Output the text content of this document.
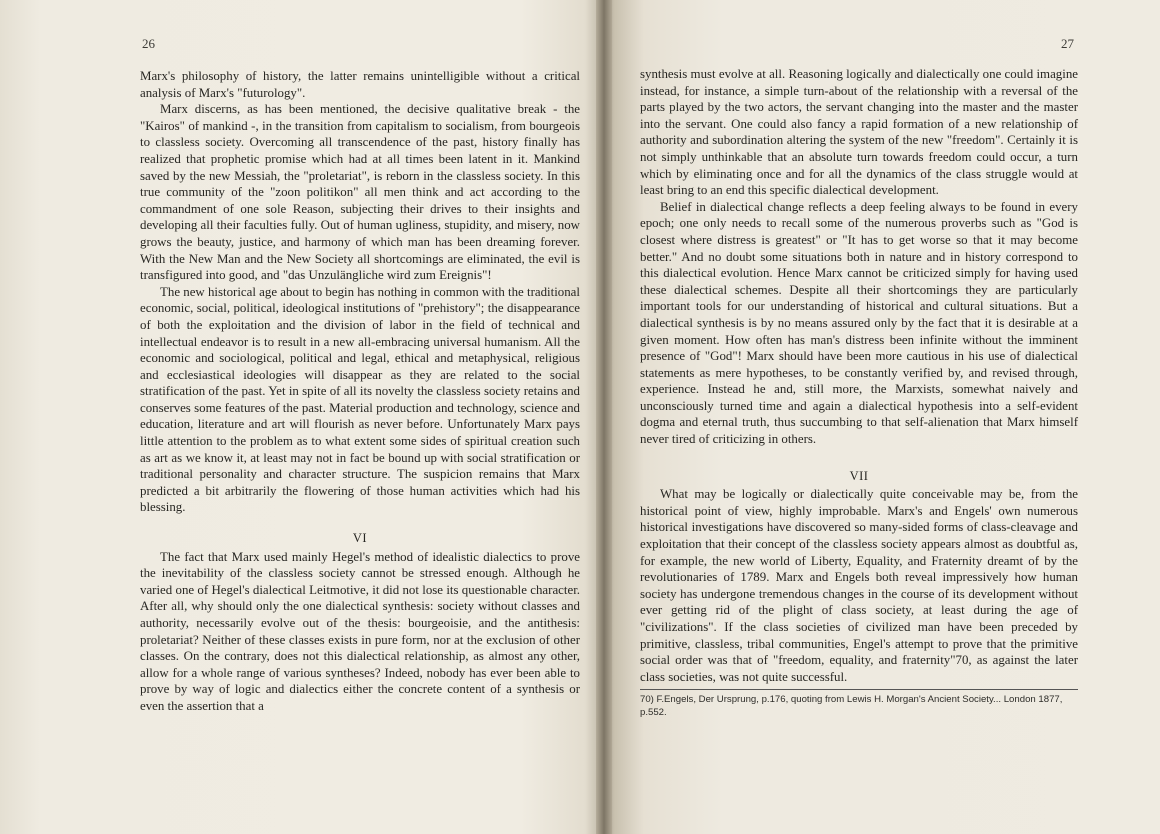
26

Marx's philosophy of history, the latter remains unintelligible without a critical analysis of Marx's "futurology".

Marx discerns, as has been mentioned, the decisive qualitative break - the "Kairos" of mankind -, in the transition from capitalism to socialism, from bourgeois to classless society. Overcoming all transcendence of the past, history finally has realized that prophetic promise which had at all times been latent in it. Mankind saved by the new Messiah, the "proletariat", is reborn in the classless society. In this true community of the "zoon politikon" all men think and act according to the commandment of one sole Reason, subjecting their drives to their insights and developing all their faculties fully. Out of human ugliness, stupidity, and misery, now grows the beauty, justice, and harmony of which man has been dreaming forever. With the New Man and the New Society all shortcomings are eliminated, the evil is transfigured into good, and "das Unzulängliche wird zum Ereignis"!

The new historical age about to begin has nothing in common with the traditional economic, social, political, ideological institutions of "prehistory"; the disappearance of both the exploitation and the division of labor in the field of technical and intellectual endeavor is to result in a new all-embracing universal humanism. All the economic and sociological, political and legal, ethical and metaphysical, religious and ecclesiastical ideologies will disappear as they are related to the social stratification of the past. Yet in spite of all its novelty the classless society retains and conserves some features of the past. Material production and technology, science and education, literature and art will flourish as never before. Unfortunately Marx pays little attention to the problem as to what extent some sides of spiritual creation such as art as we know it, at least may not in fact be bound up with social stratification or traditional personality and character structure. The suspicion remains that Marx predicted a bit arbitrarily the flowering of those human activities which had his blessing.

VI

The fact that Marx used mainly Hegel's method of idealistic dialectics to prove the inevitability of the classless society cannot be stressed enough. Although he varied one of Hegel's dialectical Leitmotive, it did not lose its questionable character. After all, why should only the one dialectical synthesis: society without classes and authority, necessarily evolve out of the thesis: bourgeoisie, and the antithesis: proletariat? Neither of these classes exists in pure form, nor at the exclusion of other classes. On the contrary, does not this dialectical relationship, as almost any other, allow for a whole range of various syntheses? Indeed, nobody has ever been able to prove by way of logic and dialectics either the concrete content of a synthesis or even the assertion that a

27

synthesis must evolve at all. Reasoning logically and dialectically one could imagine instead, for instance, a simple turn-about of the relationship with a reversal of the parts played by the two actors, the servant changing into the master and the master into the servant. One could also fancy a rapid formation of a new relationship of authority and subordination altering the system of the new "freedom". Certainly it is not simply unthinkable that an absolute turn towards freedom could occur, a turn which by eliminating once and for all the dynamics of the class struggle would at least bring to an end this specific dialectical development.

Belief in dialectical change reflects a deep feeling always to be found in every epoch; one only needs to recall some of the numerous proverbs such as "God is closest where distress is greatest" or "It has to get worse so that it may become better." And no doubt some situations both in nature and in history correspond to this dialectical evolution. Hence Marx cannot be criticized simply for having used these dialectical schemes. Despite all their shortcomings they are particularly important tools for our understanding of historical and cultural situations. But a dialectical synthesis is by no means assured only by the fact that it is desirable at a given moment. How often has man's distress been infinite without the imminent presence of "God"! Marx should have been more cautious in his use of dialectical statements as mere hypotheses, to be constantly verified by, and revised through, experience. Instead he and, still more, the Marxists, somewhat naively and unconsciously turned time and again a dialectical hypothesis into a self-evident dogma and eternal truth, thus succumbing to that self-alienation that Marx himself never tired of criticizing in others.

VII

What may be logically or dialectically quite conceivable may be, from the historical point of view, highly improbable. Marx's and Engels' own numerous historical investigations have discovered so many-sided forms of class-cleavage and exploitation that their concept of the classless society appears almost as doubtful as, for example, the new world of Liberty, Equality, and Fraternity dreamt of by the revolutionaries of 1789. Marx and Engels both reveal impressively how human society has undergone tremendous changes in the course of its development without ever getting rid of the plight of class society, at least during the age of "civilizations". If the class societies of civilized man have been preceded by primitive, classless, tribal communities, Engel's attempt to prove that the primitive social order was that of "freedom, equality, and fraternity"70, as against the later class societies, was not quite successful.

70) F.Engels, Der Ursprung, p.176, quoting from Lewis H. Morgan's Ancient Society... London 1877, p.552.
